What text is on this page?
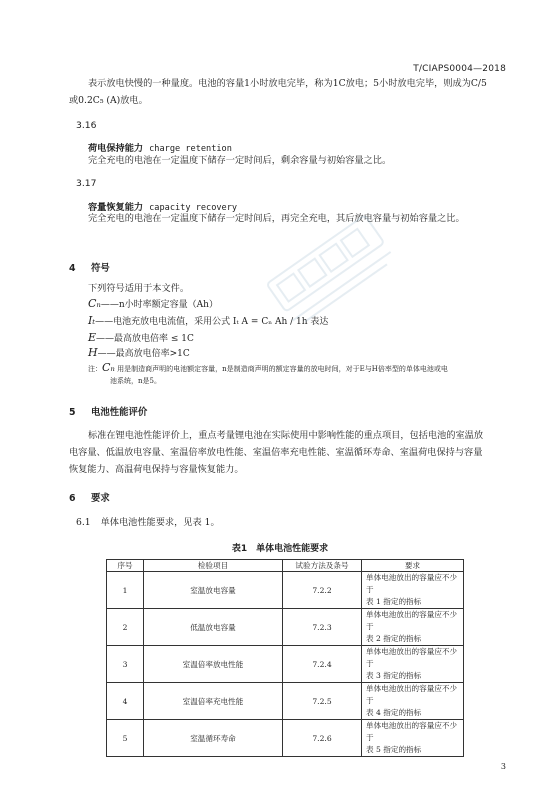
T/CIAPS0004—2018
表示放电快慢的一种量度。电池的容量1小时放电完毕，称为1C放电；5小时放电完毕，则成为C/5
或0.2C₅ (A)放电。
3.16
荷电保持能力 charge retention
完全充电的电池在一定温度下储存一定时间后，剩余容量与初始容量之比。
3.17
容量恢复能力 capacity recovery
完全充电的电池在一定温度下储存一定时间后，再完全充电，其后放电容量与初始容量之比。
4 符号
下列符号适用于本文件。
Cₙ——n小时率额定容量（Ah）
Iₜ——电池充放电电流值，采用公式 Iₜ A = Cₙ Ah / 1h 表达
E——最高放电倍率 ≤ 1C
H——最高放电倍率>1C
注：Cₙ 用是制造商声明的电池额定容量，n是制造商声明的额定容量的放电时间，对于E与H倍率型的单体电池或电
池系统，n是5。
5 电池性能评价
标准在锂电池性能评价上，重点考量锂电池在实际使用中影响性能的重点项目，包括电池的室温放
电容量、低温放电容量、室温倍率放电性能、室温倍率充电性能、室温循环寿命、室温荷电保持与容量
恢复能力、高温荷电保持与容量恢复能力。
6 要求
6.1 单体电池性能要求，见表 1。
表1　单体电池性能要求
序号	检验项目	试验方法及条号	要求
1	室温放电容量	7.2.2	单体电池放出的容量应不少于
表 1 指定的指标

2	低温放电容量	7.2.3	单体电池放出的容量应不少于
表 2 指定的指标

3	室温倍率放电性能	7.2.4	单体电池放出的容量应不少于
表 3 指定的指标

4	室温倍率充电性能	7.2.5	单体电池放出的容量应不少于
表 4 指定的指标

5	室温循环寿命	7.2.6	单体电池放出的容量应不少于
表 5 指定的指标
3
